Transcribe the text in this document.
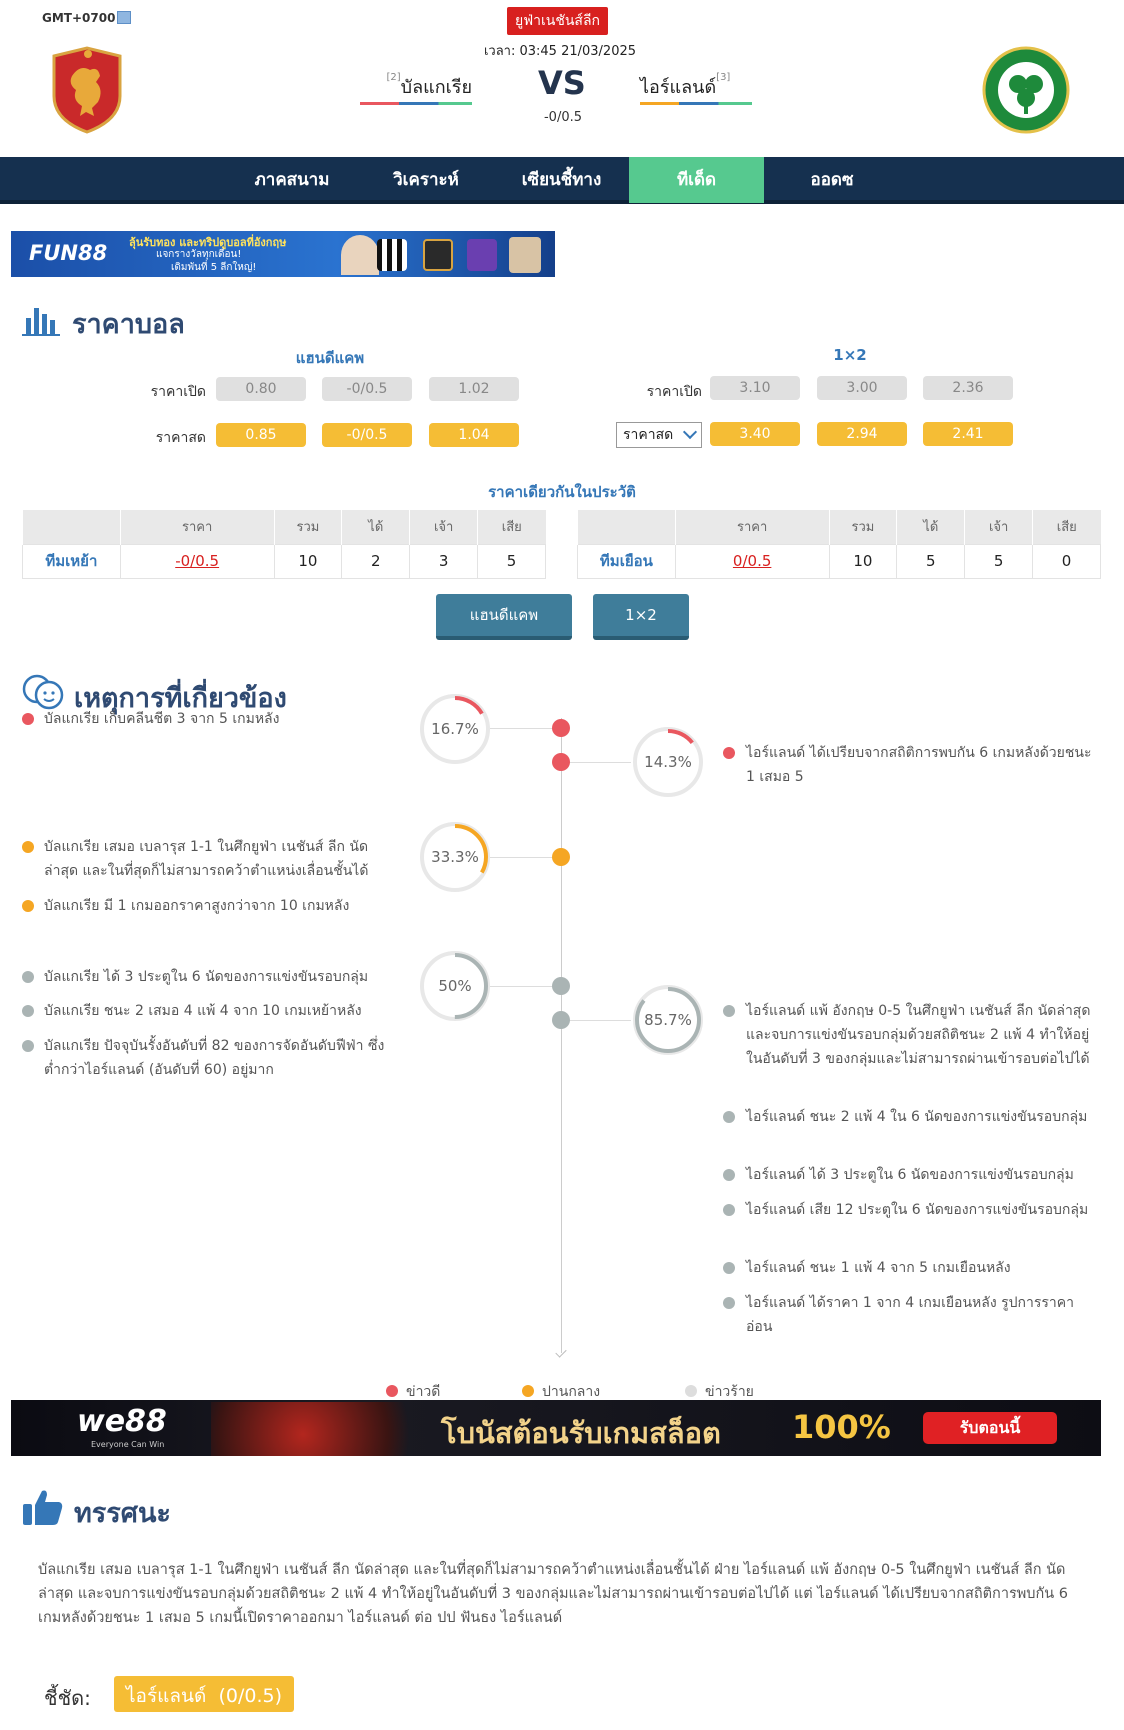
GMT+0700	ยูฟ่าเนชันส์ลีก
เวลา: 03:45 21/03/2025
[2]บัลแกเรีย VS	ไอร์แลนด์[3]
-0/0.5
ภาคสนาม	วิเคราะห์	เซียนชี้ทาง	ทีเด็ด	ออดซ
FUN88 ลุ้นรับทอง และทริปดูบอลที่อังกฤษ
แจกรางวัลทุกเดือน!
เดิมพันที่ 5 ลีกใหญ่!
ราคาบอล
แฮนดีแคพ	1×2
ราคาเปิด	0.80	-0/0.5	1.02
ราคาสด	0.85	-0/0.5	1.04
ราคาเปิด	3.10	3.00	2.36
ราคาสด	3.40	2.94	2.41
ราคาเดียวกันในประวัติ
	ราคา	รวม	ได้	เจ้า	เสีย
ทีมเหย้า	-0/0.5	10	2	3	5
	ราคา	รวม	ได้	เจ้า	เสีย
ทีมเยือน	0/0.5	10	5	5	0
แฮนดีแคพ	1×2
เหตุการที่เกี่ยวข้อง
16.7%
14.3%
33.3%
50%
85.7%
บัลแกเรีย เก็บคลีนชีต 3 จาก 5 เกมหลัง
บัลแกเรีย เสมอ เบลารุส 1-1 ในศึกยูฟ่า เนชันส์ ลีก นัดล่าสุด และในที่สุดก็ไม่สามารถคว้าตำแหน่งเลื่อนชั้นได้
บัลแกเรีย มี 1 เกมออกราคาสูงกว่าจาก 10 เกมหลัง
บัลแกเรีย ได้ 3 ประตูใน 6 นัดของการแข่งขันรอบกลุ่ม
บัลแกเรีย ชนะ 2 เสมอ 4 แพ้ 4 จาก 10 เกมเหย้าหลัง
บัลแกเรีย ปัจจุบันรั้งอันดับที่ 82 ของการจัดอันดับฟีฟ่า ซึ่งต่ำกว่าไอร์แลนด์ (อันดับที่ 60) อยู่มาก
ไอร์แลนด์ ได้เปรียบจากสถิติการพบกัน 6 เกมหลังด้วยชนะ 1 เสมอ 5
ไอร์แลนด์ แพ้ อังกฤษ 0-5 ในศึกยูฟ่า เนชันส์ ลีก นัดล่าสุด และจบการแข่งขันรอบกลุ่มด้วยสถิติชนะ 2 แพ้ 4 ทำให้อยู่ในอันดับที่ 3 ของกลุ่มและไม่สามารถผ่านเข้ารอบต่อไปได้
ไอร์แลนด์ ชนะ 2 แพ้ 4 ใน 6 นัดของการแข่งขันรอบกลุ่ม
ไอร์แลนด์ ได้ 3 ประตูใน 6 นัดของการแข่งขันรอบกลุ่ม
ไอร์แลนด์ เสีย 12 ประตูใน 6 นัดของการแข่งขันรอบกลุ่ม
ไอร์แลนด์ ชนะ 1 แพ้ 4 จาก 5 เกมเยือนหลัง
ไอร์แลนด์ ได้ราคา 1 จาก 4 เกมเยือนหลัง รูปการราคาอ่อน
ข่าวดี	ปานกลาง	ข่าวร้าย
we88
Everyone Can Win	โบนัสต้อนรับเกมสล็อต 100%	รับตอนนี้
ทรรศนะ
บัลแกเรีย เสมอ เบลารุส 1-1 ในศึกยูฟ่า เนชันส์ ลีก นัดล่าสุด และในที่สุดก็ไม่สามารถคว้าตำแหน่งเลื่อนชั้นได้ ฝ่าย ไอร์แลนด์ แพ้ อังกฤษ 0-5 ในศึกยูฟ่า เนชันส์ ลีก นัดล่าสุด และจบการแข่งขันรอบกลุ่มด้วยสถิติชนะ 2 แพ้ 4 ทำให้อยู่ในอันดับที่ 3 ของกลุ่มและไม่สามารถผ่านเข้ารอบต่อไปได้ แต่ ไอร์แลนด์ ได้เปรียบจากสถิติการพบกัน 6 เกมหลังด้วยชนะ 1 เสมอ 5 เกมนี้เปิดราคาออกมา ไอร์แลนด์ ต่อ ปป ฟันธง ไอร์แลนด์
ชี้ชัด:	ไอร์แลนด์  (0/0.5)
